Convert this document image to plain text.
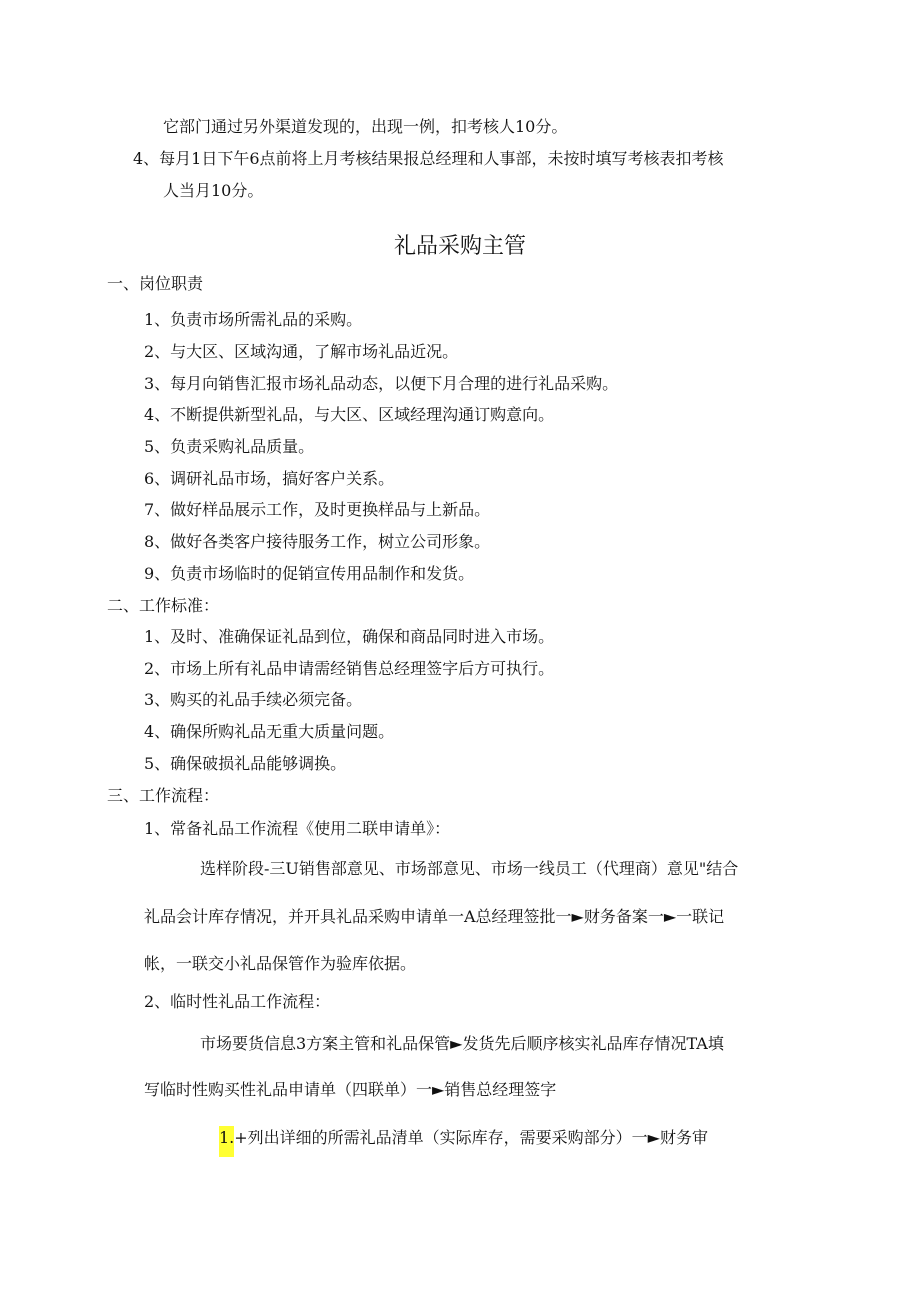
它部门通过另外渠道发现的，出现一例，扣考核人10分。
4、每月1日下午6点前将上月考核结果报总经理和人事部，未按时填写考核表扣考核
人当月10分。
礼品采购主管
一、岗位职责
1、负责市场所需礼品的采购。
2、与大区、区域沟通，了解市场礼品近况。
3、每月向销售汇报市场礼品动态，以便下月合理的进行礼品采购。
4、不断提供新型礼品，与大区、区域经理沟通订购意向。
5、负责采购礼品质量。
6、调研礼品市场，搞好客户关系。
7、做好样品展示工作，及时更换样品与上新品。
8、做好各类客户接待服务工作，树立公司形象。
9、负责市场临时的促销宣传用品制作和发货。
二、工作标准：
1、及时、准确保证礼品到位，确保和商品同时进入市场。
2、市场上所有礼品申请需经销售总经理签字后方可执行。
3、购买的礼品手续必须完备。
4、确保所购礼品无重大质量问题。
5、确保破损礼品能够调换。
三、工作流程：
1、常备礼品工作流程《使用二联申请单》：
选样阶段-三U销售部意见、市场部意见、市场一线员工（代理商）意见"结合
礼品会计库存情况，并开具礼品采购申请单一A总经理签批一►财务备案一►一联记
帐，一联交小礼品保管作为验库依据。
2、临时性礼品工作流程：
市场要货信息3方案主管和礼品保管►发货先后顺序核实礼品库存情况TA填
写临时性购买性礼品申请单（四联单）一►销售总经理签字
1.+列出详细的所需礼品清单（实际库存，需要采购部分）一►财务审
